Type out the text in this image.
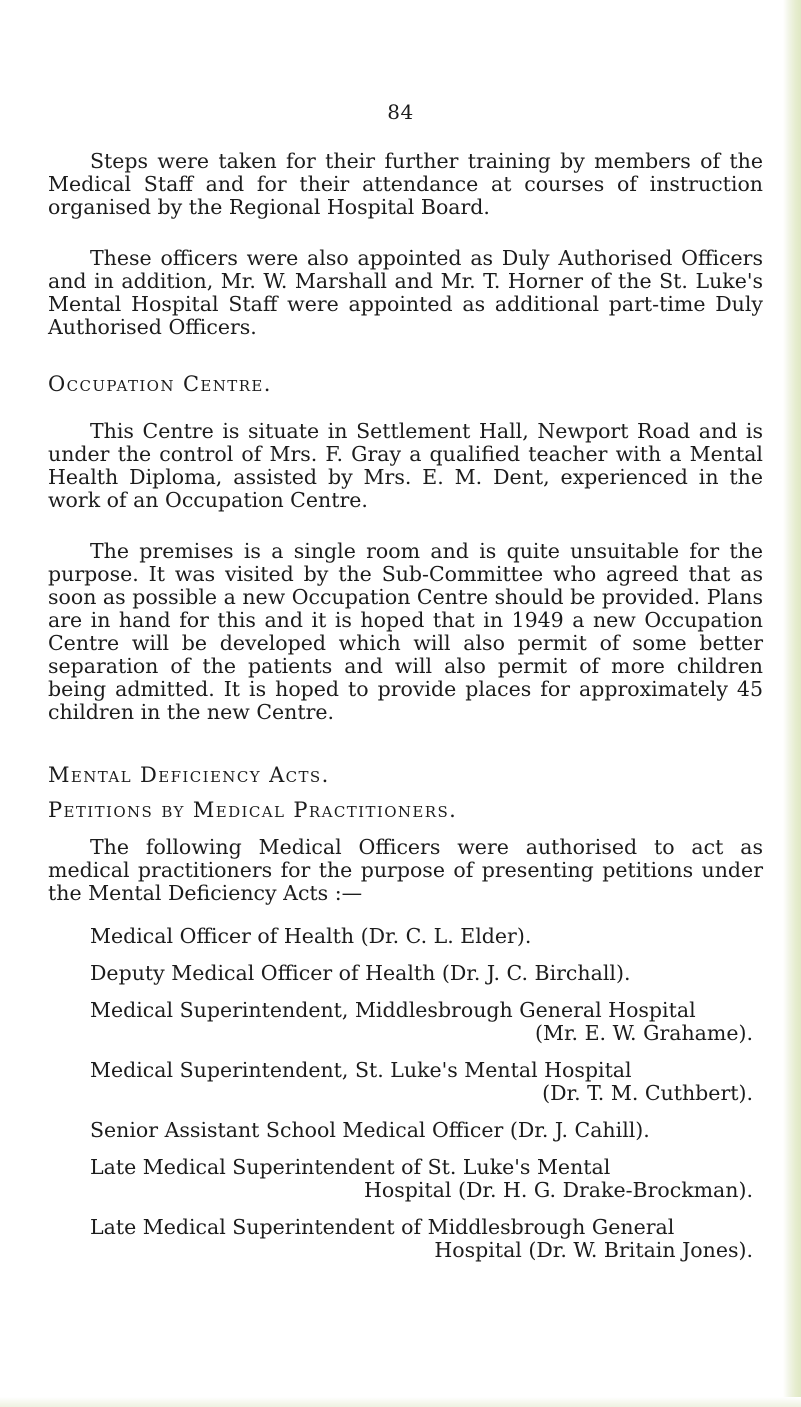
84

Steps were taken for their further training by members of the Medical Staff and for their attendance at courses of instruction organised by the Regional Hospital Board.

These officers were also appointed as Duly Authorised Officers and in addition, Mr. W. Marshall and Mr. T. Horner of the St. Luke's Mental Hospital Staff were appointed as additional part-time Duly Authorised Officers.

Occupation Centre.

This Centre is situate in Settlement Hall, Newport Road and is under the control of Mrs. F. Gray a qualified teacher with a Mental Health Diploma, assisted by Mrs. E. M. Dent, experienced in the work of an Occupation Centre.

The premises is a single room and is quite unsuitable for the purpose. It was visited by the Sub-Committee who agreed that as soon as possible a new Occupation Centre should be provided. Plans are in hand for this and it is hoped that in 1949 a new Occupation Centre will be developed which will also permit of some better separation of the patients and will also permit of more children being admitted. It is hoped to provide places for approximately 45 children in the new Centre.

Mental Deficiency Acts.

Petitions by Medical Practitioners.

The following Medical Officers were authorised to act as medical practitioners for the purpose of presenting petitions under the Mental Deficiency Acts :—

Medical Officer of Health (Dr. C. L. Elder).
Deputy Medical Officer of Health (Dr. J. C. Birchall).
Medical Superintendent, Middlesbrough General Hospital
(Mr. E. W. Grahame).
Medical Superintendent, St. Luke's Mental Hospital
(Dr. T. M. Cuthbert).
Senior Assistant School Medical Officer (Dr. J. Cahill).
Late Medical Superintendent of St. Luke's Mental
Hospital (Dr. H. G. Drake-Brockman).
Late Medical Superintendent of Middlesbrough General
Hospital (Dr. W. Britain Jones).
